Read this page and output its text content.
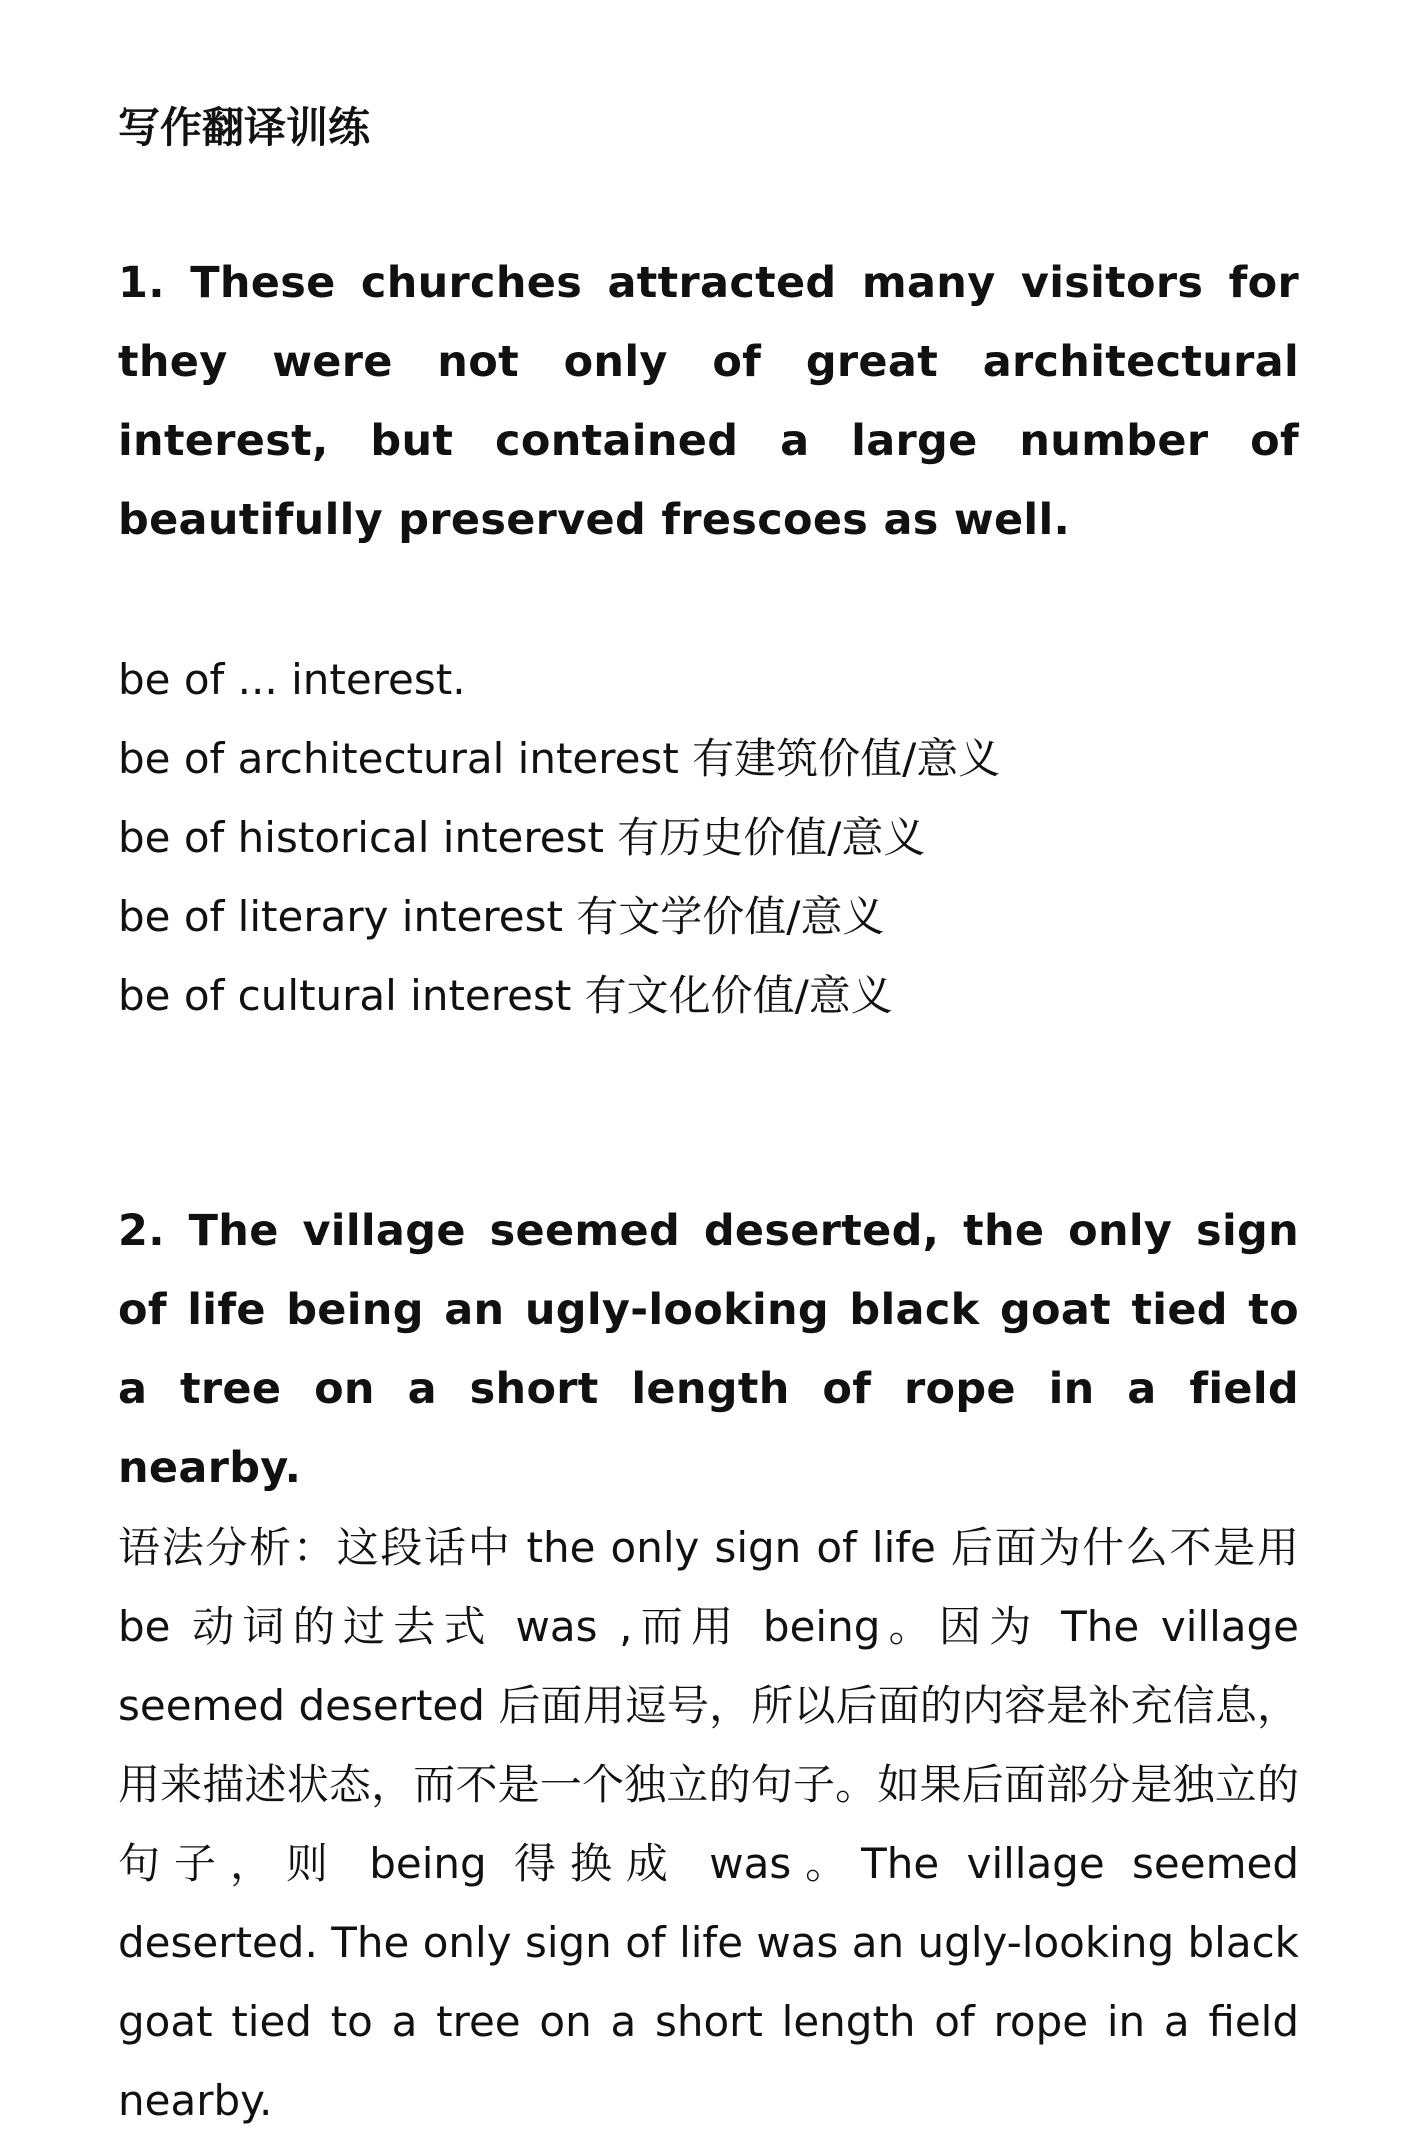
写作翻译训练
1. These churches attracted many visitors for they were not only of great architectural interest, but contained a large number of beautifully preserved frescoes as well.
be of ... interest.
be of architectural interest 有建筑价值/意义
be of historical interest 有历史价值/意义
be of literary interest 有文学价值/意义
be of cultural interest 有文化价值/意义
2. The village seemed deserted, the only sign of life being an ugly-looking black goat tied to a tree on a short length of rope in a field nearby.
语法分析：这段话中 the only sign of life 后面为什么不是用 be 动词的过去式 was ,而用 being。因为 The village seemed deserted 后面用逗号，所以后面的内容是补充信息，用来描述状态，而不是一个独立的句子。如果后面部分是独立的句子，则 being 得换成 was。The village seemed deserted. The only sign of life was an ugly-looking black goat tied to a tree on a short length of rope in a field nearby.
